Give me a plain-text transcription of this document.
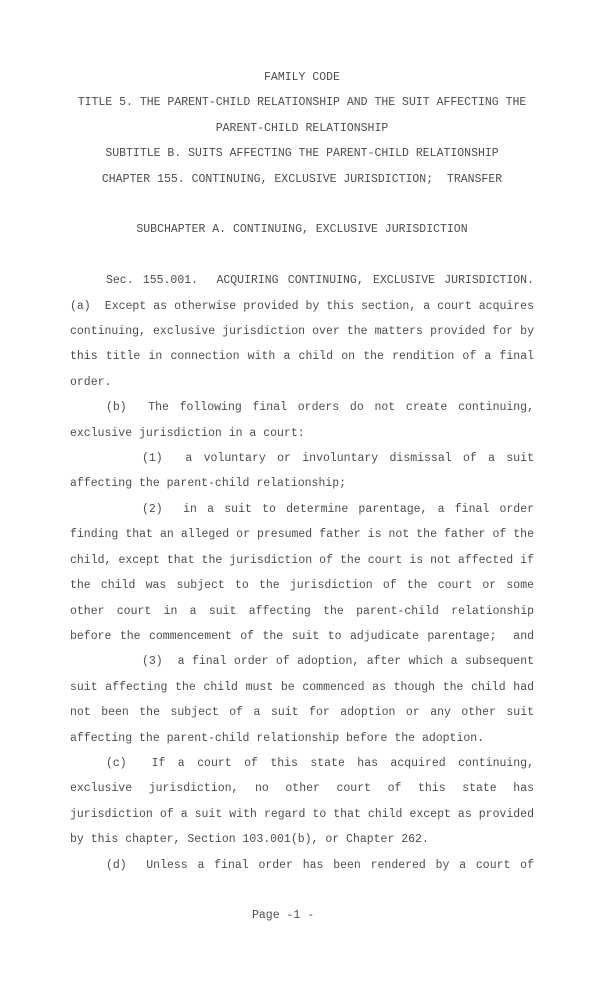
FAMILY CODE
TITLE 5. THE PARENT-CHILD RELATIONSHIP AND THE SUIT AFFECTING THE
PARENT-CHILD RELATIONSHIP
SUBTITLE B. SUITS AFFECTING THE PARENT-CHILD RELATIONSHIP
CHAPTER 155. CONTINUING, EXCLUSIVE JURISDICTION;  TRANSFER
SUBCHAPTER A. CONTINUING, EXCLUSIVE JURISDICTION
Sec. 155.001.  ACQUIRING CONTINUING, EXCLUSIVE JURISDICTION.
(a)  Except as otherwise provided by this section, a court acquires
continuing, exclusive jurisdiction over the matters provided for by
this title in connection with a child on the rendition of a final
order.
(b)  The following final orders do not create continuing,
exclusive jurisdiction in a court:
(1)  a voluntary or involuntary dismissal of a suit
affecting the parent-child relationship;
(2)  in a suit to determine parentage, a final order
finding that an alleged or presumed father is not the father of the
child, except that the jurisdiction of the court is not affected if
the child was subject to the jurisdiction of the court or some
other court in a suit affecting the parent-child relationship
before the commencement of the suit to adjudicate parentage;  and
(3)  a final order of adoption, after which a subsequent
suit affecting the child must be commenced as though the child had
not been the subject of a suit for adoption or any other suit
affecting the parent-child relationship before the adoption.
(c)  If a court of this state has acquired continuing,
exclusive jurisdiction, no other court of this state has
jurisdiction of a suit with regard to that child except as provided
by this chapter, Section 103.001(b), or Chapter 262.
(d)  Unless a final order has been rendered by a court of
Page -1 -
